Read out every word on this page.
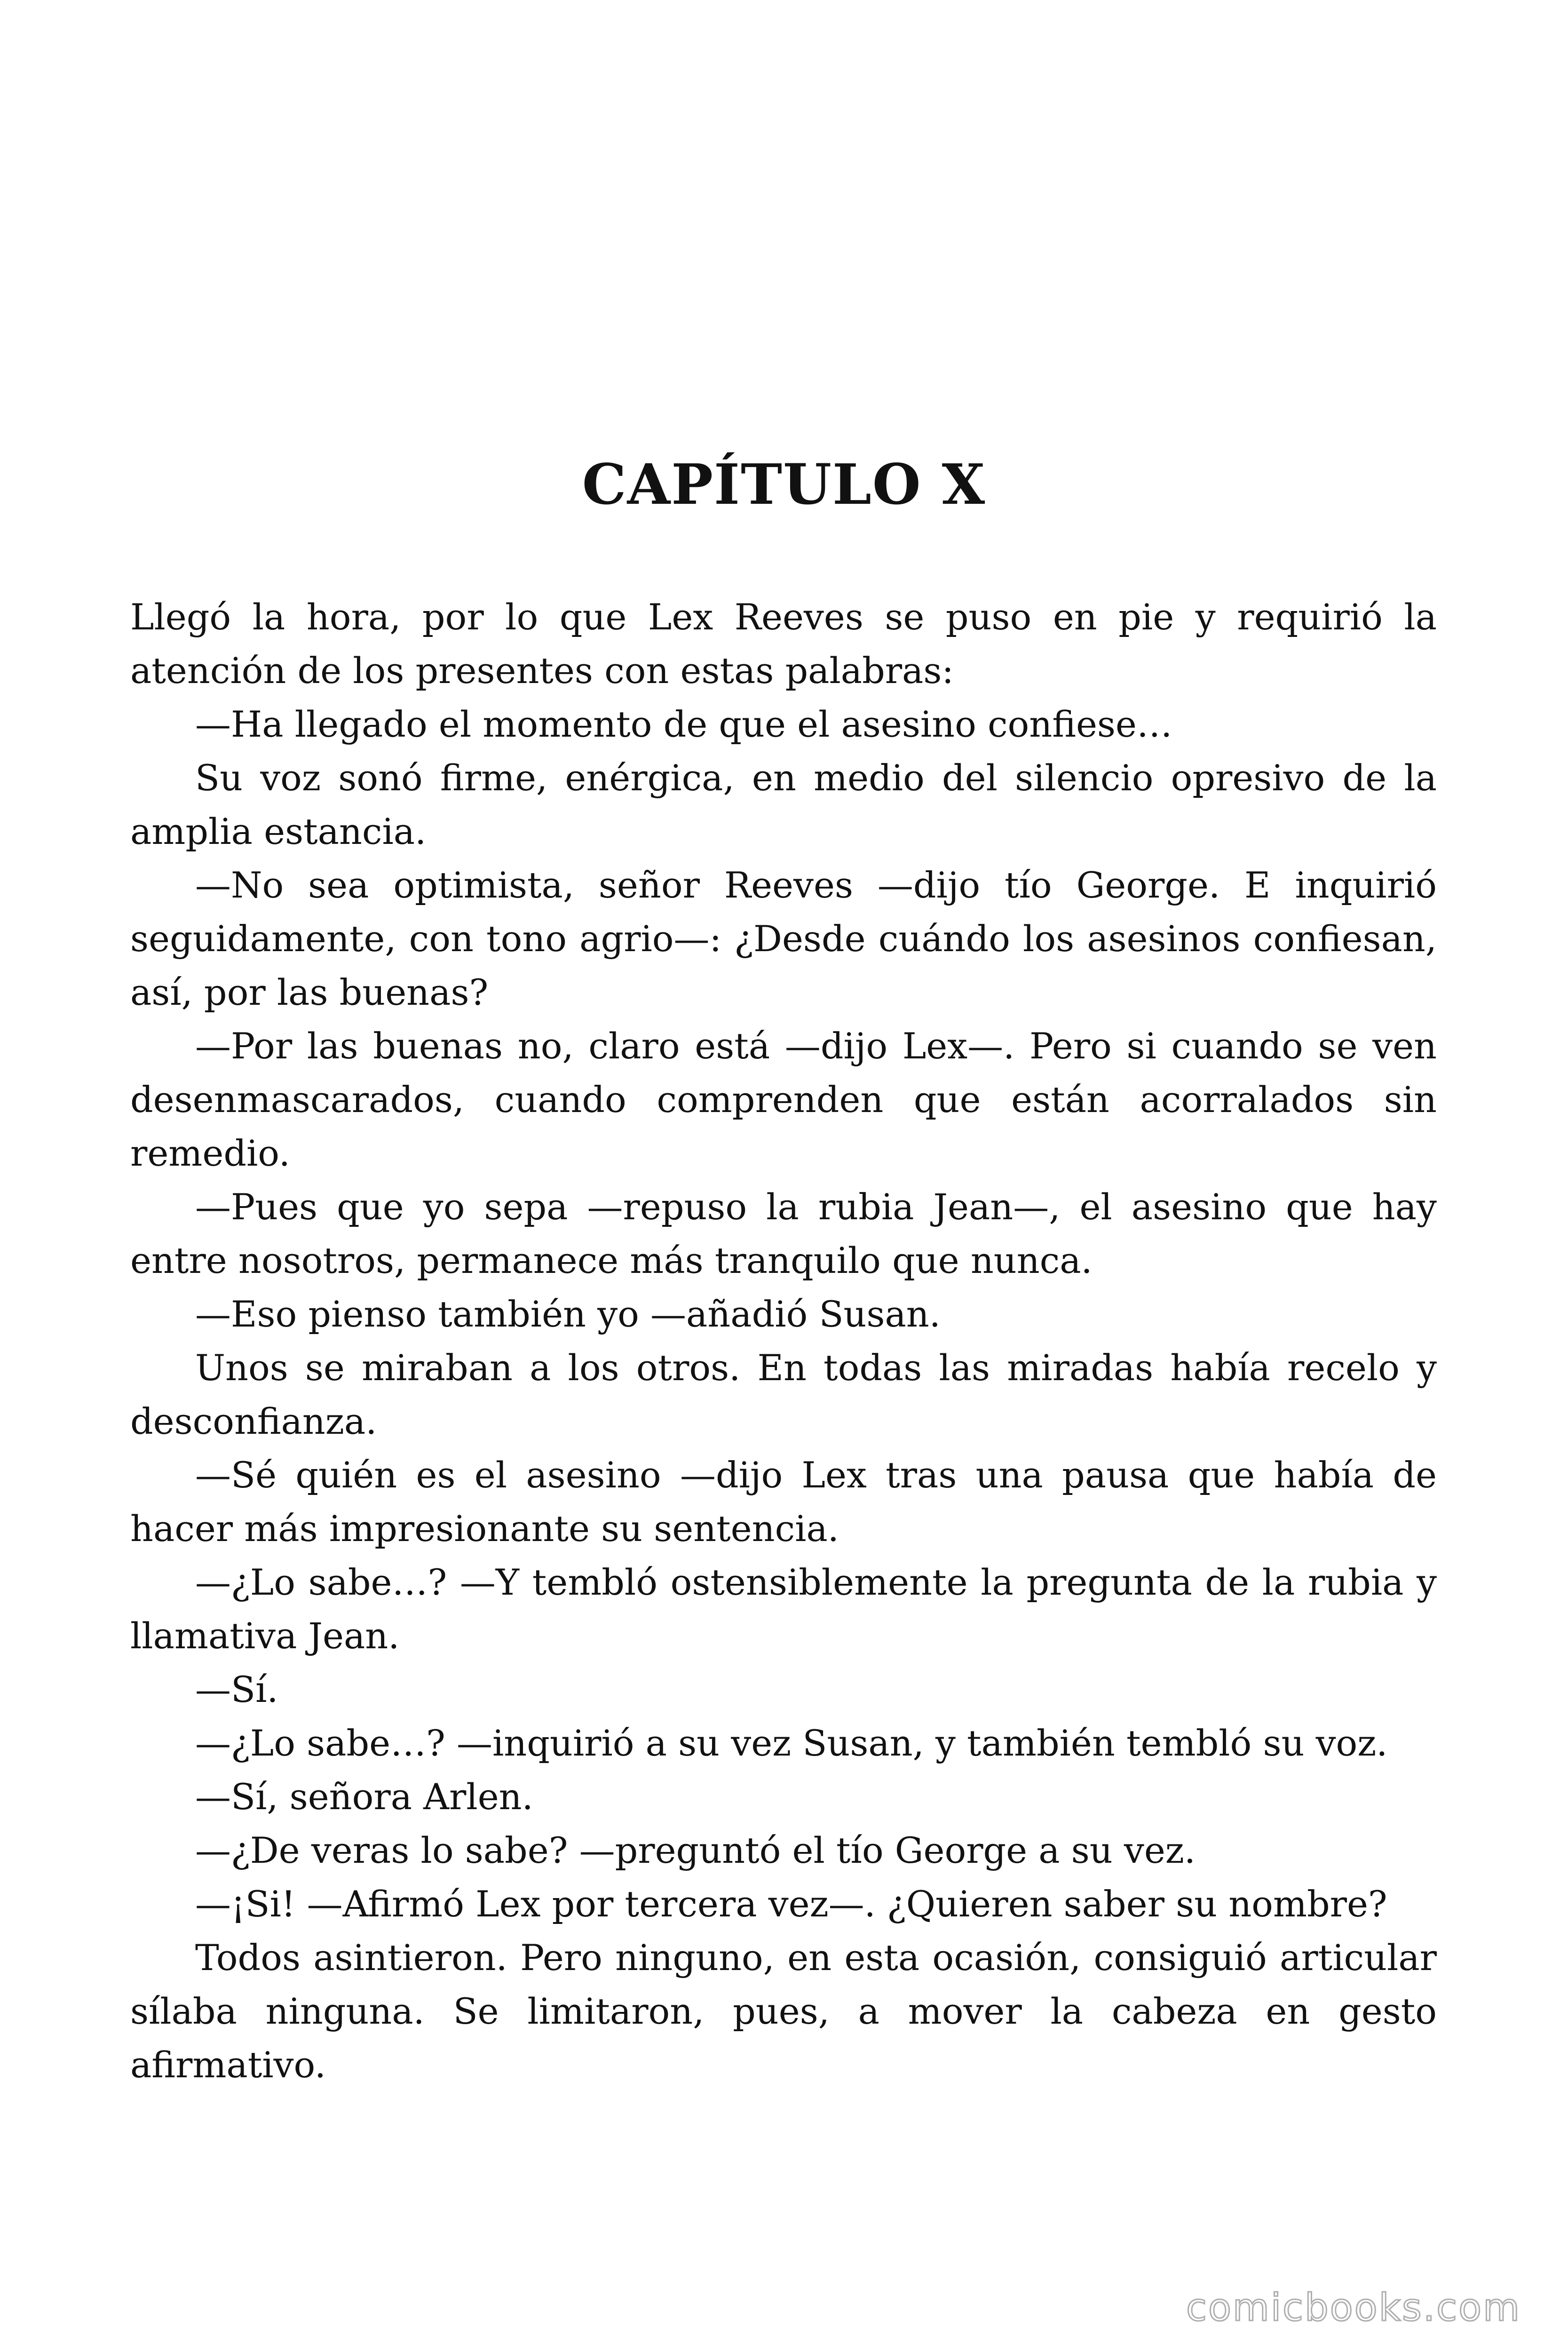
CAPÍTULO X

Llegó la hora, por lo que Lex Reeves se puso en pie y requirió la atención de los presentes con estas palabras:

—Ha llegado el momento de que el asesino confiese…

Su voz sonó firme, enérgica, en medio del silencio opresivo de la amplia estancia.

—No sea optimista, señor Reeves —dijo tío George. E inquirió seguidamente, con tono agrio—: ¿Desde cuándo los asesinos confiesan, así, por las buenas?

—Por las buenas no, claro está —dijo Lex—. Pero si cuando se ven desenmascarados, cuando comprenden que están acorralados sin remedio.

—Pues que yo sepa —repuso la rubia Jean—, el asesino que hay entre nosotros, permanece más tranquilo que nunca.

—Eso pienso también yo —añadió Susan.

Unos se miraban a los otros. En todas las miradas había recelo y desconfianza.

—Sé quién es el asesino —dijo Lex tras una pausa que había de hacer más impresionante su sentencia.

—¿Lo sabe…? —Y tembló ostensiblemente la pregunta de la rubia y llamativa Jean.

—Sí.

—¿Lo sabe…? —inquirió a su vez Susan, y también tembló su voz.

—Sí, señora Arlen.

—¿De veras lo sabe? —preguntó el tío George a su vez.

—¡Si! —Afirmó Lex por tercera vez—. ¿Quieren saber su nombre?

Todos asintieron. Pero ninguno, en esta ocasión, consiguió articular sílaba ninguna. Se limitaron, pues, a mover la cabeza en gesto afirmativo.

comicbooks.com
